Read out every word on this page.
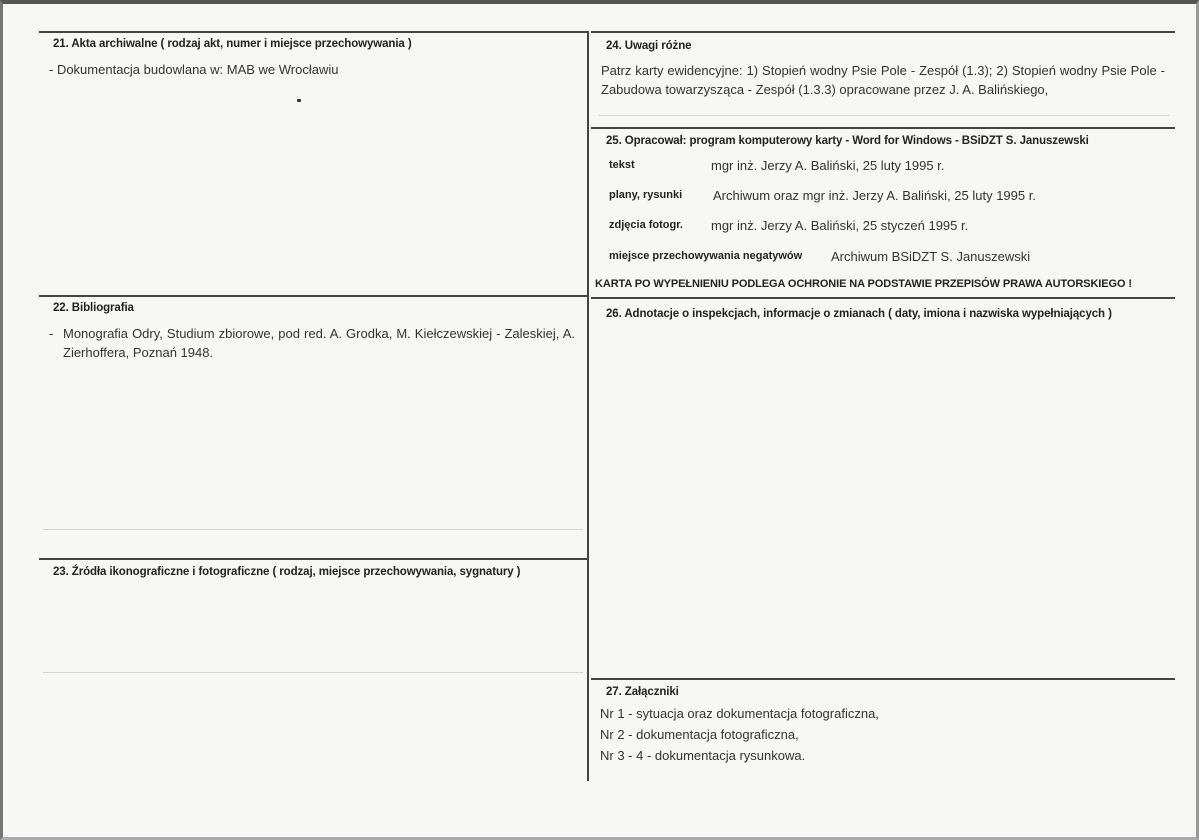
21. Akta archiwalne ( rodzaj akt, numer i miejsce przechowywania )
- Dokumentacja budowlana w: MAB we Wrocławiu
22. Bibliografia
- Monografia Odry, Studium zbiorowe, pod red. A. Grodka, M. Kiełczewskiej - Zaleskiej, A. Zierhoffera, Poznań 1948.
23. Źródła ikonograficzne i fotograficzne ( rodzaj, miejsce przechowywania, sygnatury )
24. Uwagi różne
Patrz karty ewidencyjne: 1) Stopień wodny Psie Pole - Zespół (1.3); 2) Stopień wodny Psie Pole - Zabudowa towarzysząca - Zespół (1.3.3) opracowane przez J. A. Balińskiego,
25. Opracował: program komputerowy karty - Word for Windows - BSiDZT S. Januszewski
tekst	mgr inż. Jerzy A. Baliński, 25 luty 1995 r.
plany, rysunki Archiwum oraz mgr inż. Jerzy A. Baliński, 25 luty 1995 r.
zdjęcia fotogr. mgr inż. Jerzy A. Baliński, 25 styczeń 1995 r.
miejsce przechowywania negatywów Archiwum BSiDZT S. Januszewski
KARTA PO WYPEŁNIENIU PODLEGA OCHRONIE NA PODSTAWIE PRZEPISÓW PRAWA AUTORSKIEGO !
26. Adnotacje o inspekcjach, informacje o zmianach ( daty, imiona i nazwiska wypełniających )
27. Załączniki
Nr 1 - sytuacja oraz dokumentacja fotograficzna,
Nr 2 - dokumentacja fotograficzna,
Nr 3 - 4 - dokumentacja rysunkowa.
